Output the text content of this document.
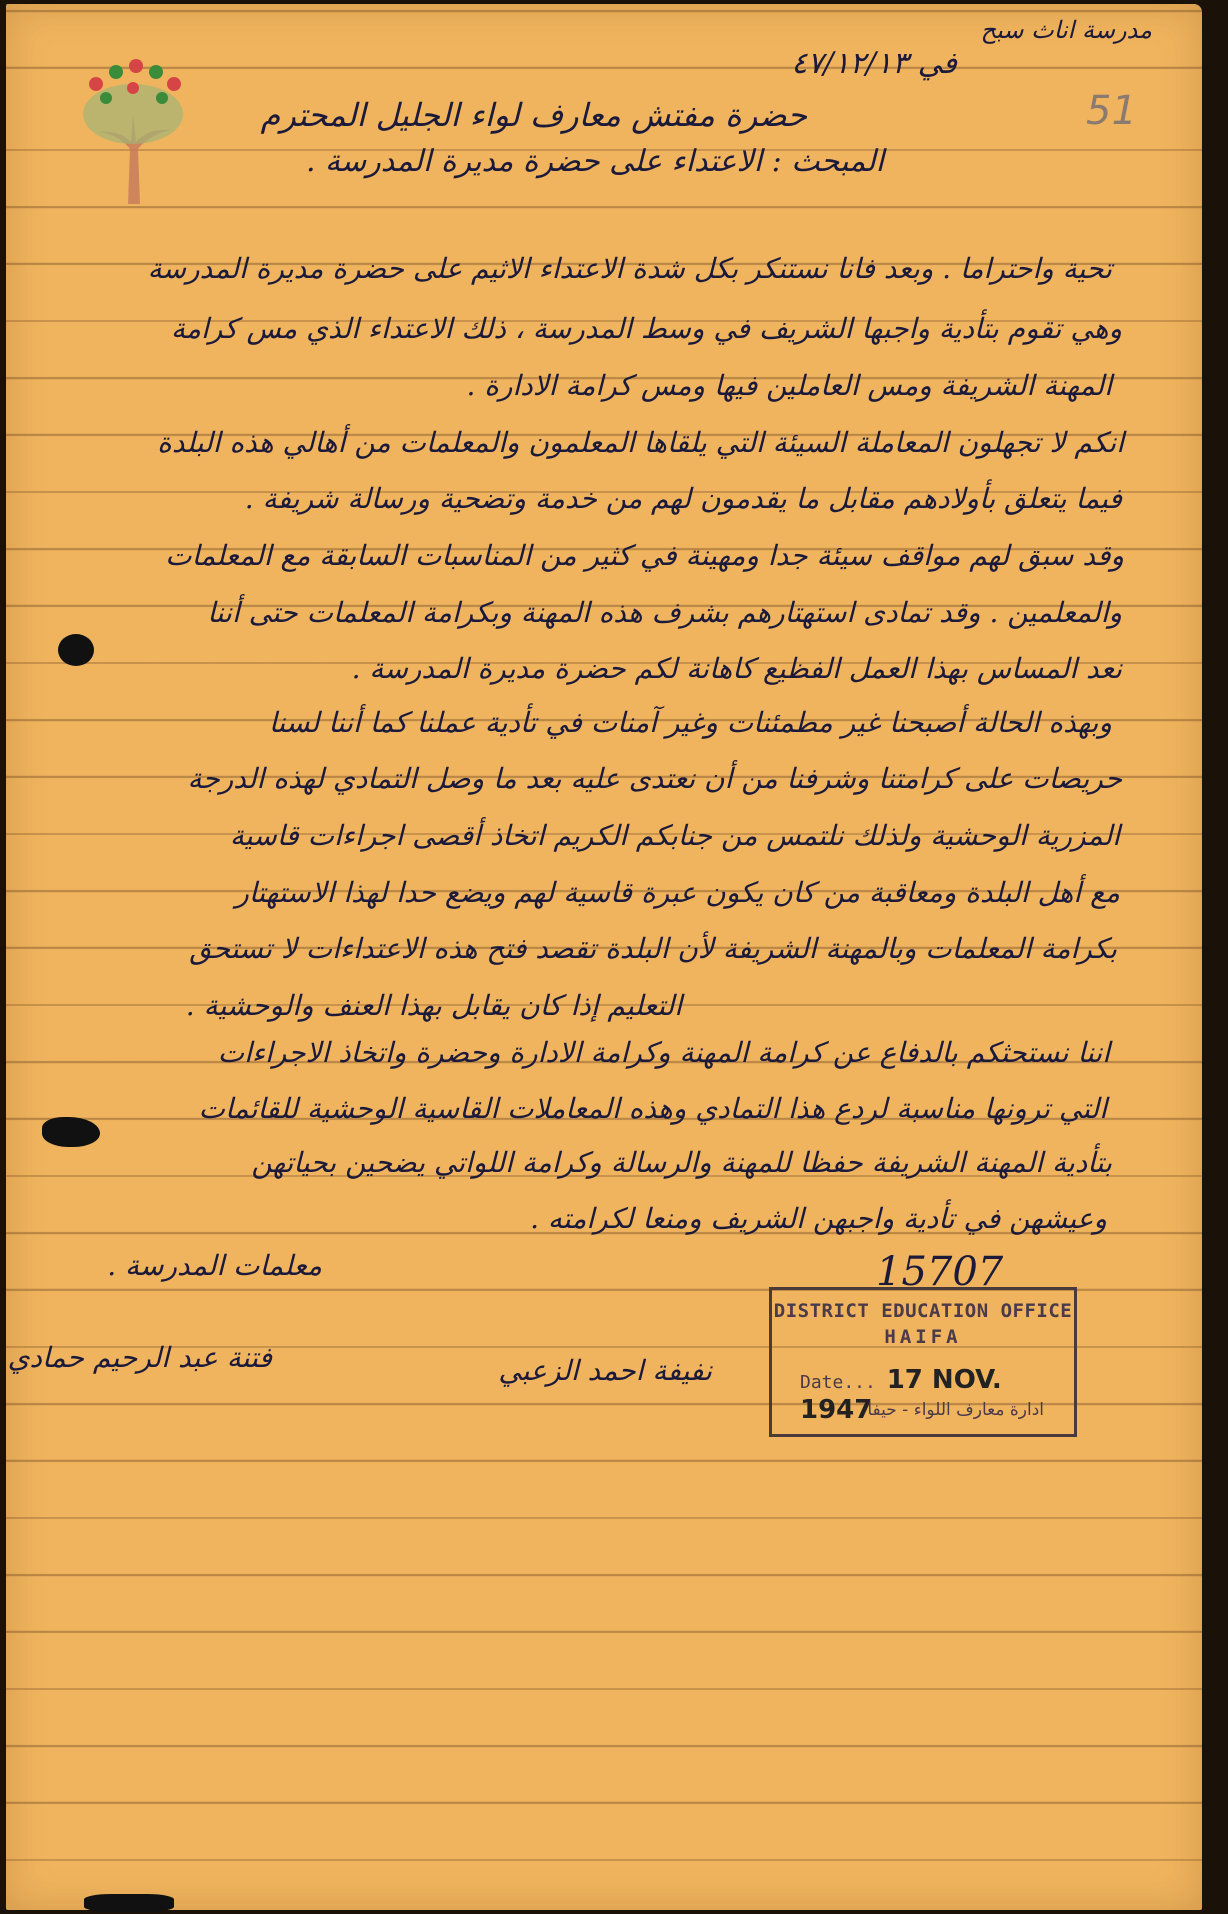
مدرسة اناث سبح
في ٤٧/١٢/١٣
51
حضرة مفتش معارف لواء الجليل المحترم
المبحث : الاعتداء على حضرة مديرة المدرسة .
تحية واحتراما . وبعد فانا نستنكر بكل شدة الاعتداء الاثيم على حضرة مديرة المدرسة
وهي تقوم بتأدية واجبها الشريف في وسط المدرسة ، ذلك الاعتداء الذي مس كرامة
المهنة الشريفة ومس العاملين فيها ومس كرامة الادارة .
انكم لا تجهلون المعاملة السيئة التي يلقاها المعلمون والمعلمات من أهالي هذه البلدة
فيما يتعلق بأولادهم مقابل ما يقدمون لهم من خدمة وتضحية ورسالة شريفة .
وقد سبق لهم مواقف سيئة جدا ومهينة في كثير من المناسبات السابقة مع المعلمات
والمعلمين . وقد تمادى استهتارهم بشرف هذه المهنة وبكرامة المعلمات حتى أننا
نعد المساس بهذا العمل الفظيع كاهانة لكم حضرة مديرة المدرسة .
وبهذه الحالة أصبحنا غير مطمئنات وغير آمنات في تأدية عملنا كما أننا لسنا
حريصات على كرامتنا وشرفنا من أن نعتدى عليه بعد ما وصل التمادي لهذه الدرجة
المزرية الوحشية ولذلك نلتمس من جنابكم الكريم اتخاذ أقصى اجراءات قاسية
مع أهل البلدة ومعاقبة من كان يكون عبرة قاسية لهم ويضع حدا لهذا الاستهتار
بكرامة المعلمات وبالمهنة الشريفة لأن البلدة تقصد فتح هذه الاعتداءات لا تستحق
التعليم إذا كان يقابل بهذا العنف والوحشية .
اننا نستحثكم بالدفاع عن كرامة المهنة وكرامة الادارة وحضرة واتخاذ الاجراءات
التي ترونها مناسبة لردع هذا التمادي وهذه المعاملات القاسية الوحشية للقائمات
بتأدية المهنة الشريفة حفظا للمهنة والرسالة وكرامة اللواتي يضحين بحياتهن
وعيشهن في تأدية واجبهن الشريف ومنعا لكرامته .
معلمات المدرسة .	15707
فتنة عبد الرحيم حمادي	نفيفة احمد الزعبي
DISTRICT EDUCATION OFFICE
HAIFA
Date... 17 NOV. 1947
ادارة معارف اللواء - حيفا
